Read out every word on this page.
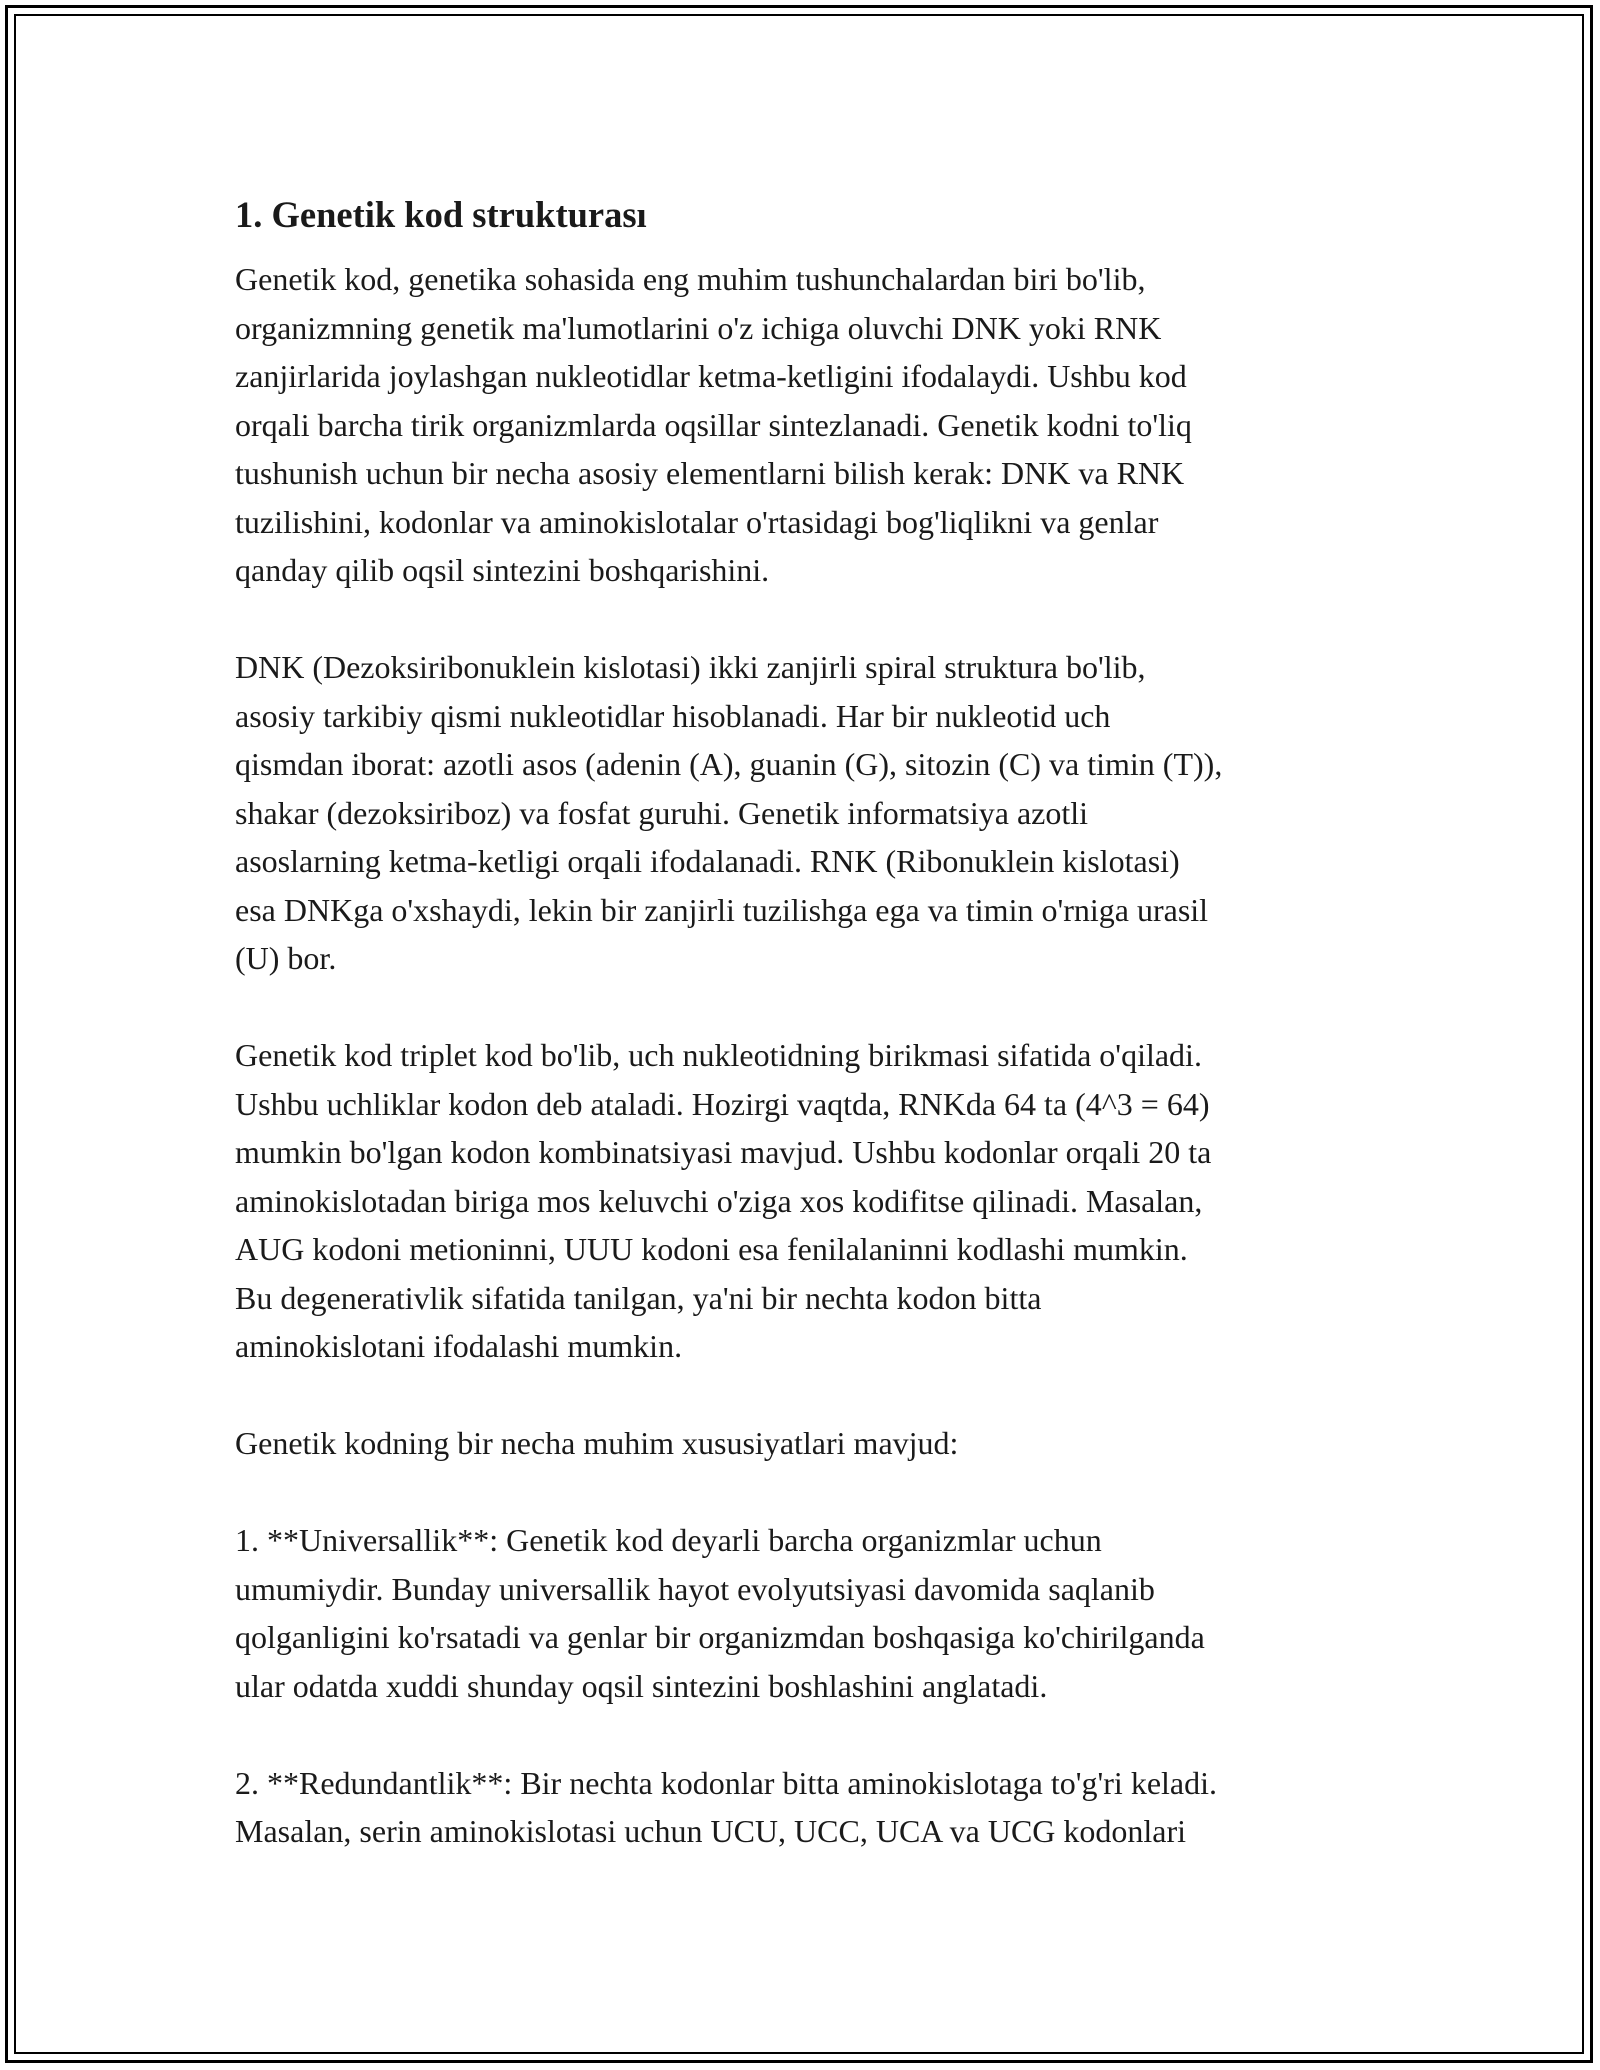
1. Genetik kod strukturası

Genetik kod, genetika sohasida eng muhim tushunchalardan biri bo'lib,
organizmning genetik ma'lumotlarini o'z ichiga oluvchi DNK yoki RNK
zanjirlarida joylashgan nukleotidlar ketma-ketligini ifodalaydi. Ushbu kod
orqali barcha tirik organizmlarda oqsillar sintezlanadi. Genetik kodni to'liq
tushunish uchun bir necha asosiy elementlarni bilish kerak: DNK va RNK
tuzilishini, kodonlar va aminokislotalar o'rtasidagi bog'liqlikni va genlar
qanday qilib oqsil sintezini boshqarishini.

DNK (Dezoksiribonuklein kislotasi) ikki zanjirli spiral struktura bo'lib,
asosiy tarkibiy qismi nukleotidlar hisoblanadi. Har bir nukleotid uch
qismdan iborat: azotli asos (adenin (A), guanin (G), sitozin (C) va timin (T)),
shakar (dezoksiriboz) va fosfat guruhi. Genetik informatsiya azotli
asoslarning ketma-ketligi orqali ifodalanadi. RNK (Ribonuklein kislotasi)
esa DNKga o'xshaydi, lekin bir zanjirli tuzilishga ega va timin o'rniga urasil
(U) bor.

Genetik kod triplet kod bo'lib, uch nukleotidning birikmasi sifatida o'qiladi.
Ushbu uchliklar kodon deb ataladi. Hozirgi vaqtda, RNKda 64 ta (4^3 = 64)
mumkin bo'lgan kodon kombinatsiyasi mavjud. Ushbu kodonlar orqali 20 ta
aminokislotadan biriga mos keluvchi o'ziga xos kodifitse qilinadi. Masalan,
AUG kodoni metioninni, UUU kodoni esa fenilalaninni kodlashi mumkin.
Bu degenerativlik sifatida tanilgan, ya'ni bir nechta kodon bitta
aminokislotani ifodalashi mumkin.

Genetik kodning bir necha muhim xususiyatlari mavjud:

1. **Universallik**: Genetik kod deyarli barcha organizmlar uchun
umumiydir. Bunday universallik hayot evolyutsiyasi davomida saqlanib
qolganligini ko'rsatadi va genlar bir organizmdan boshqasiga ko'chirilganda
ular odatda xuddi shunday oqsil sintezini boshlashini anglatadi.

2. **Redundantlik**: Bir nechta kodonlar bitta aminokislotaga to'g'ri keladi.
Masalan, serin aminokislotasi uchun UCU, UCC, UCA va UCG kodonlari
